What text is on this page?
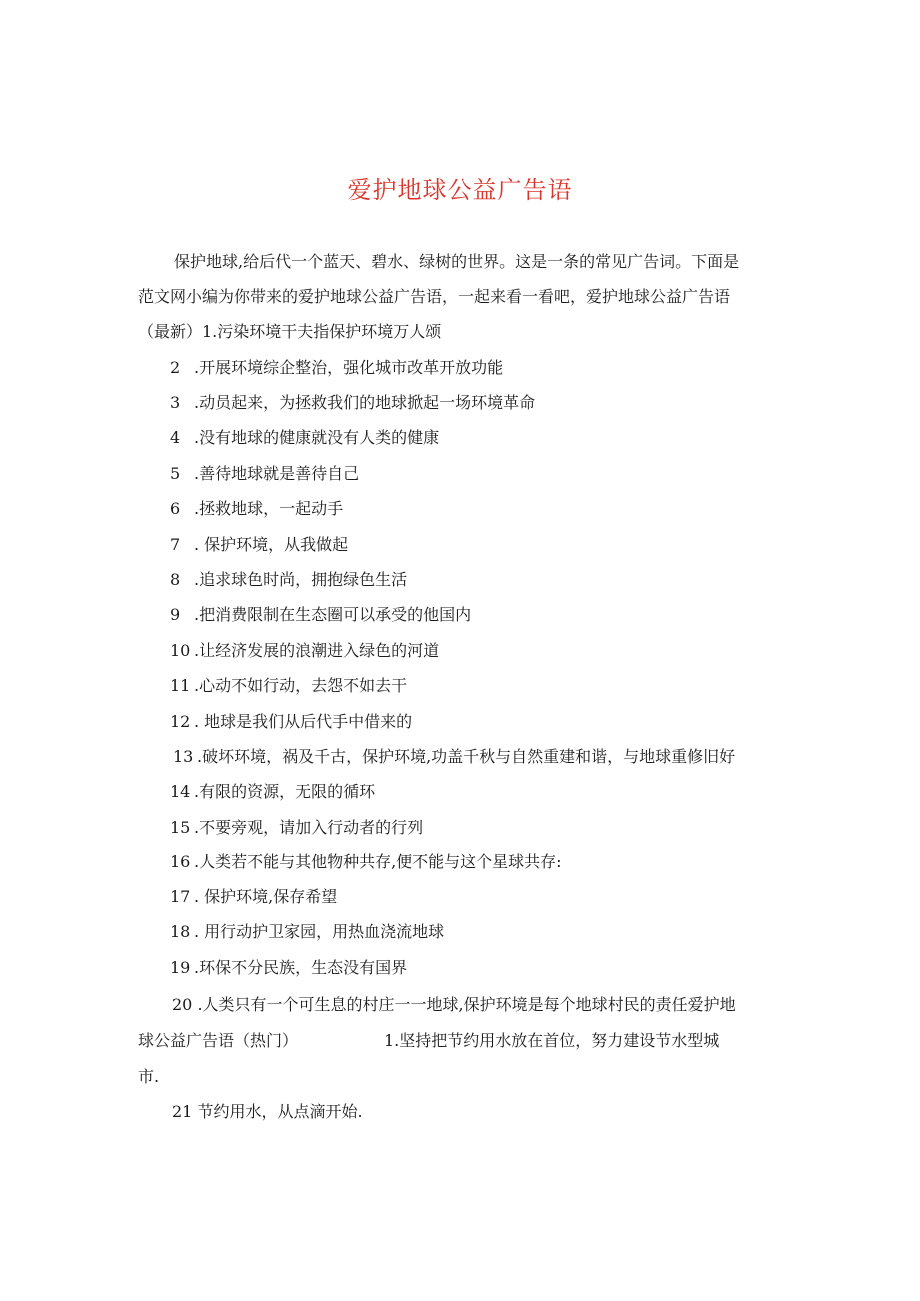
爱护地球公益广告语
保护地球,给后代一个蓝天、碧水、绿树的世界。这是一条的常见广告词。下面是
范文网小编为你带来的爱护地球公益广告语，一起来看一看吧，爱护地球公益广告语
（最新）1.污染环境干夫指保护环境万人颂
2 .开展环境综企整治，强化城市改革开放功能
3 .动员起来，为拯救我们的地球掀起一场环境革命
4 .没有地球的健康就没有人类的健康
5 .善待地球就是善待自己
6 .拯救地球，一起动手
7 . 保护环境，从我做起
8 .追求球色时尚，拥抱绿色生活
9 .把消费限制在生态圈可以承受的他国内
10 .让经济发展的浪潮进入绿色的河道
11 .心动不如行动，去怨不如去干
12 . 地球是我们从后代手中借来的
13 .破坏环境，祸及千古，保护环境,功盖千秋与自然重建和谐，与地球重修旧好
14 .有限的资源，无限的循环
15 .不要旁观，请加入行动者的行列
16 .人类若不能与其他物种共存,便不能与这个星球共存:
17 . 保护环境,保存希望
18 . 用行动护卫家园，用热血浇流地球
19 .环保不分民族，生态没有国界
20 .人类只有一个可生息的村庄一一地球,保护环境是每个地球村民的责任爱护地
球公益广告语（热门）	1.坚持把节约用水放在首位，努力建设节水型城
市.
21 节约用水，从点滴开始.
